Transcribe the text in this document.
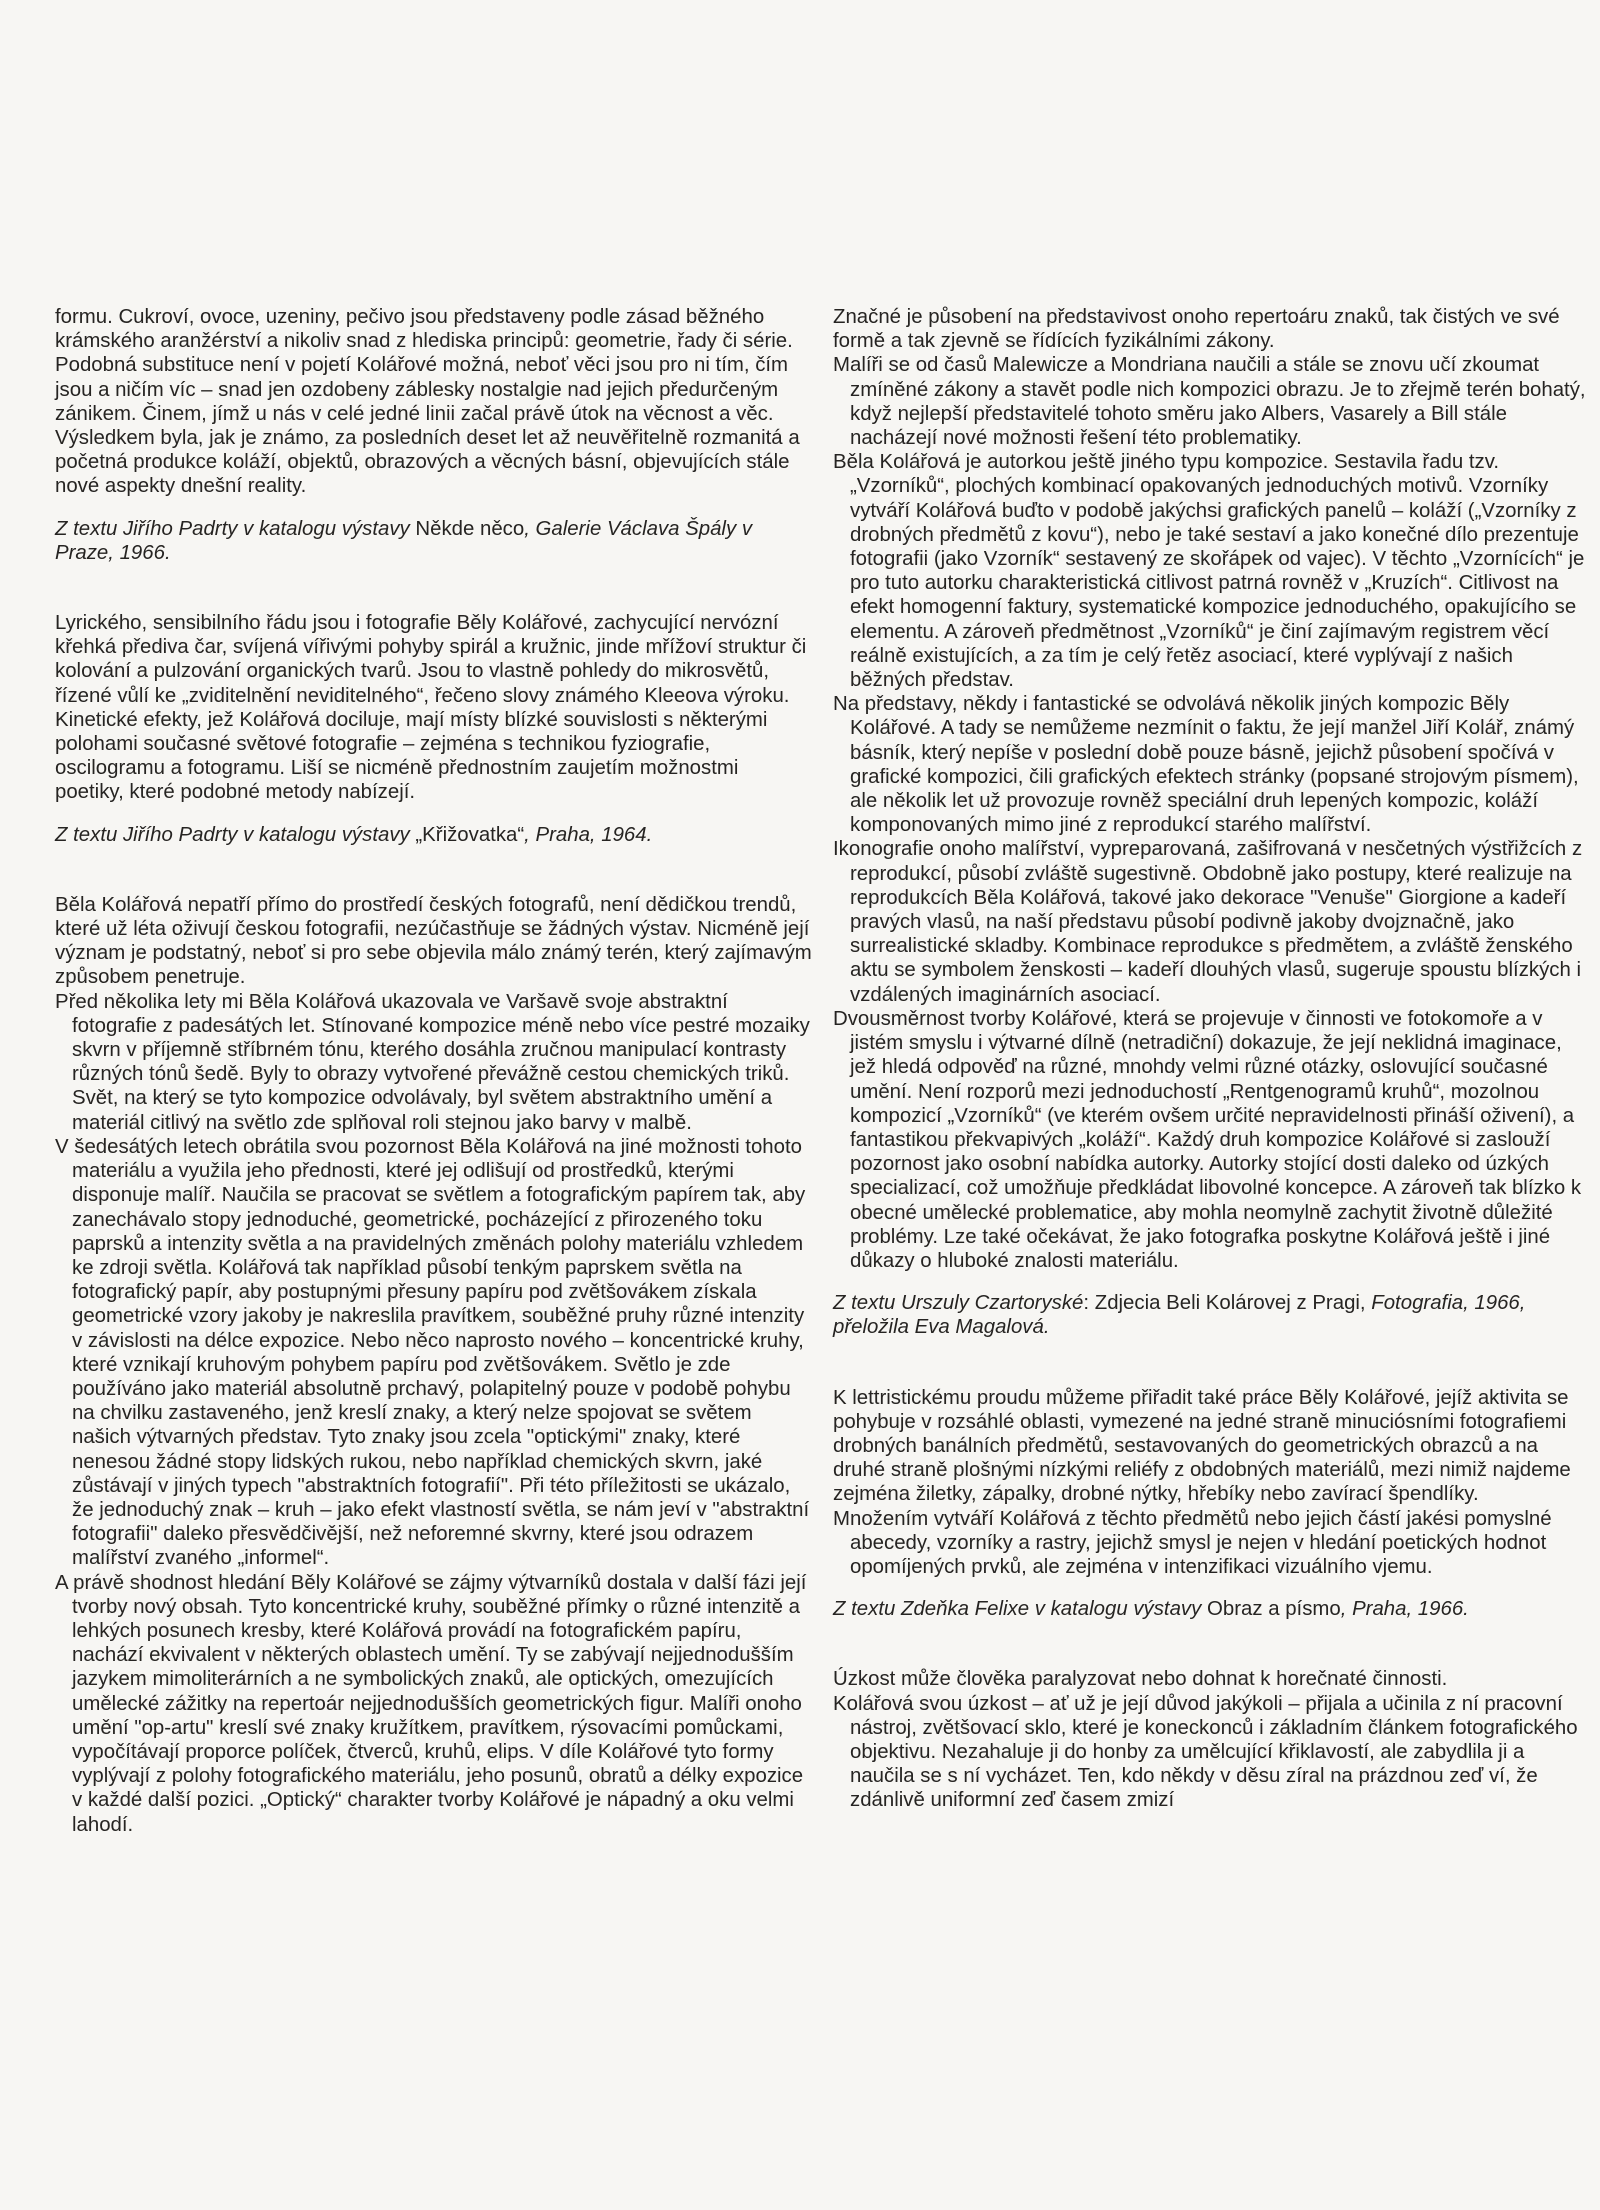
formu. Cukroví, ovoce, uzeniny, pečivo jsou představeny podle zásad běžného krámského aranžérství a nikoliv snad z hlediska principů: geometrie, řady či série. Podobná substituce není v pojetí Kolářové možná, neboť věci jsou pro ni tím, čím jsou a ničím víc – snad jen ozdobeny záblesky nostalgie nad jejich předurčeným zánikem. Činem, jímž u nás v celé jedné linii začal právě útok na věcnost a věc. Výsledkem byla, jak je známo, za posledních deset let až neuvěřitelně rozmanitá a početná produkce koláží, objektů, obrazových a věcných básní, objevujících stále nové aspekty dnešní reality.

Z textu Jiřího Padrty v katalogu výstavy Někde něco, Galerie Václava Špály v Praze, 1966.

Lyrického, sensibilního řádu jsou i fotografie Běly Kolářové, zachycující nervózní křehká předivа čar, svíjená vířivými pohyby spirál a kružnic, jinde mřížoví struktur či kolování a pulzování organických tvarů. Jsou to vlastně pohledy do mikrosvětů, řízené vůlí ke „zviditelnění neviditelného“, řečeno slovy známého Kleeova výroku. Kinetické efekty, jež Kolářová dociluje, mají místy blízké souvislosti s některými polohami současné světové fotografie – zejména s technikou fyziografie, oscilogramu a fotogramu. Liší se nicméně přednostním zaujetím možnostmi poetiky, které podobné metody nabízejí.

Z textu Jiřího Padrty v katalogu výstavy „Křižovatka“, Praha, 1964.

Běla Kolářová nepatří přímo do prostředí českých fotografů, není dědičkou trendů, které už léta oživují českou fotografii, nezúčastňuje se žádných výstav. Nicméně její význam je podstatný, neboť si pro sebe objevila málo známý terén, který zajímavým způsobem penetruje.

Před několika lety mi Běla Kolářová ukazovala ve Varšavě svoje abstraktní fotografie z padesátých let. Stínované kompozice méně nebo více pestré mozaiky skvrn v příjemně stříbrném tónu, kterého dosáhla zručnou manipulací kontrasty různých tónů šedě. Byly to obrazy vytvořené převážně cestou chemických triků. Svět, na který se tyto kompozice odvolávaly, byl světem abstraktního umění a materiál citlivý na světlo zde splňoval roli stejnou jako barvy v malbě.

V šedesátých letech obrátila svou pozornost Běla Kolářová na jiné možnosti tohoto materiálu a využila jeho přednosti, které jej odlišují od prostředků, kterými disponuje malíř. Naučila se pracovat se světlem a fotografickým papírem tak, aby zanechávalo stopy jednoduché, geometrické, pocházející z přirozeného toku paprsků a intenzity světla a na pravidelných změnách polohy materiálu vzhledem ke zdroji světla. Kolářová tak například působí tenkým paprskem světla na fotografický papír, aby postupnými přesuny papíru pod zvětšovákem získala geometrické vzory jakoby je nakreslila pravítkem, souběžné pruhy různé intenzity v závislosti na délce expozice. Nebo něco naprosto nového – koncentrické kruhy, které vznikají kruhovým pohybem papíru pod zvětšovákem. Světlo je zde používáno jako materiál absolutně prchavý, polapitelný pouze v podobě pohybu na chvilku zastaveného, jenž kreslí znaky, a který nelze spojovat se světem našich výtvarných představ. Tyto znaky jsou zcela "optickými" znaky, které nenesou žádné stopy lidských rukou, nebo například chemických skvrn, jaké zůstávají v jiných typech "abstraktních fotografií". Při této příležitosti se ukázalo, že jednoduchý znak – kruh – jako efekt vlastností světla, se nám jeví v "abstraktní fotografii" daleko přesvědčivější, než neforemné skvrny, které jsou odrazem malířství zvaného „informel“.

A právě shodnost hledání Běly Kolářové se zájmy výtvarníků dostala v další fázi její tvorby nový obsah. Tyto koncentrické kruhy, souběžné přímky o různé intenzitě a lehkých posunech kresby, které Kolářová provádí na fotografickém papíru, nachází ekvivalent v některých oblastech umění. Ty se zabývají nejjednodušším jazykem mimoliterárních a ne symbolických znaků, ale optických, omezujících umělecké zážitky na repertoár nejjednodušších geometrických figur. Malíři onoho umění "op-artu" kreslí své znaky kružítkem, pravítkem, rýsovacími pomůckami, vypočítávají proporce políček, čtverců, kruhů, elips. V díle Kolářové tyto formy vyplývají z polohy fotografického materiálu, jeho posunů, obratů a délky expozice v každé další pozici. „Optický“ charakter tvorby Kolářové je nápadný a oku velmi lahodí.

Značné je působení na představivost onoho repertoáru znaků, tak čistých ve své formě a tak zjevně se řídících fyzikálními zákony.

Malíři se od časů Malewicze a Mondriana naučili a stále se znovu učí zkoumat zmíněné zákony a stavět podle nich kompozici obrazu. Je to zřejmě terén bohatý, když nejlepší představitelé tohoto směru jako Albers, Vasarely a Bill stále nacházejí nové možnosti řešení této problematiky.

Běla Kolářová je autorkou ještě jiného typu kompozice. Sestavila řadu tzv. „Vzorníků“, plochých kombinací opakovaných jednoduchých motivů. Vzorníky vytváří Kolářová buďto v podobě jakýchsi grafických panelů – koláží („Vzorníky z drobných předmětů z kovu“), nebo je také sestaví a jako konečné dílo prezentuje fotografii (jako Vzorník“ sestavený ze skořápek od vajec). V těchto „Vzornících“ je pro tuto autorku charakteristická citlivost patrná rovněž v „Kruzích“. Citlivost na efekt homogenní faktury, systematické kompozice jednoduchého, opakujícího se elementu. A zároveň předmětnost „Vzorníků“ je činí zajímavým registrem věcí reálně existujících, a za tím je celý řetěz asociací, které vyplývají z našich běžných představ.

Na představy, někdy i fantastické se odvolává několik jiných kompozic Běly Kolářové. A tady se nemůžeme nezmínit o faktu, že její manžel Jiří Kolář, známý básník, který nepíše v poslední době pouze básně, jejichž působení spočívá v grafické kompozici, čili grafických efektech stránky (popsané strojovým písmem), ale několik let už provozuje rovněž speciální druh lepených kompozic, koláží komponovaných mimo jiné z reprodukcí starého malířství.

Ikonografie onoho malířství, vypreparovaná, zašifrovaná v nesčetných výstřižcích z reprodukcí, působí zvláště sugestivně. Obdobně jako postupy, které realizuje na reprodukcích Běla Kolářová, takové jako dekorace "Venuše" Giorgione a kadeří pravých vlasů, na naší představu působí podivně jakoby dvojznačně, jako surrealistické skladby. Kombinace reprodukce s předmětem, a zvláště ženského aktu se symbolem ženskosti – kadeří dlouhých vlasů, sugeruje spoustu blízkých i vzdálených imaginárních asociací.

Dvousměrnost tvorby Kolářové, která se projevuje v činnosti ve fotokomoře a v jistém smyslu i výtvarné dílně (netradiční) dokazuje, že její neklidná imaginace, jež hledá odpověď na různé, mnohdy velmi různé otázky, oslovující současné umění. Není rozporů mezi jednoduchostí „Rentgenogramů kruhů“, mozolnou kompozicí „Vzorníků“ (ve kterém ovšem určité nepravidelnosti přináší oživení), a fantastikou překvapivých „koláží“. Každý druh kompozice Kolářové si zaslouží pozornost jako osobní nabídka autorky. Autorky stojící dosti daleko od úzkých specializací, což umožňuje předkládat libovolné koncepce. A zároveň tak blízko k obecné umělecké problematice, aby mohla neomylně zachytit životně důležité problémy. Lze také očekávat, že jako fotografka poskytne Kolářová ještě i jiné důkazy o hluboké znalosti materiálu.

Z textu Urszuly Czartoryské: Zdjecia Beli Kolárovej z Pragi, Fotografia, 1966, přeložila Eva Magalová.

K lettristickému proudu můžeme přiřadit také práce Běly Kolářové, jejíž aktivita se pohybuje v rozsáhlé oblasti, vymezené na jedné straně minuciósními fotografiemi drobných banálních předmětů, sestavovaných do geometrických obrazců a na druhé straně plošnými nízkými reliéfy z obdobných materiálů, mezi nimiž najdeme zejména žiletky, zápalky, drobné nýtky, hřebíky nebo zavírací špendlíky.

Množením vytváří Kolářová z těchto předmětů nebo jejich částí jakési pomyslné abecedy, vzorníky a rastry, jejichž smysl je nejen v hledání poetických hodnot opomíjených prvků, ale zejména v intenzifikaci vizuálního vjemu.

Z textu Zdeňka Felixe v katalogu výstavy Obraz a písmo, Praha, 1966.

Úzkost může člověka paralyzovat nebo dohnat k horečnaté činnosti.

Kolářová svou úzkost – ať už je její důvod jakýkoli – přijala a učinila z ní pracovní nástroj, zvětšovací sklo, které je koneckonců i základním článkem fotografického objektivu. Nezahaluje ji do honby za umělcující křiklavostí, ale zabydlila ji a naučila se s ní vycházet. Ten, kdo někdy v děsu zíral na prázdnou zeď ví, že zdánlivě uniformní zeď časem zmizí
